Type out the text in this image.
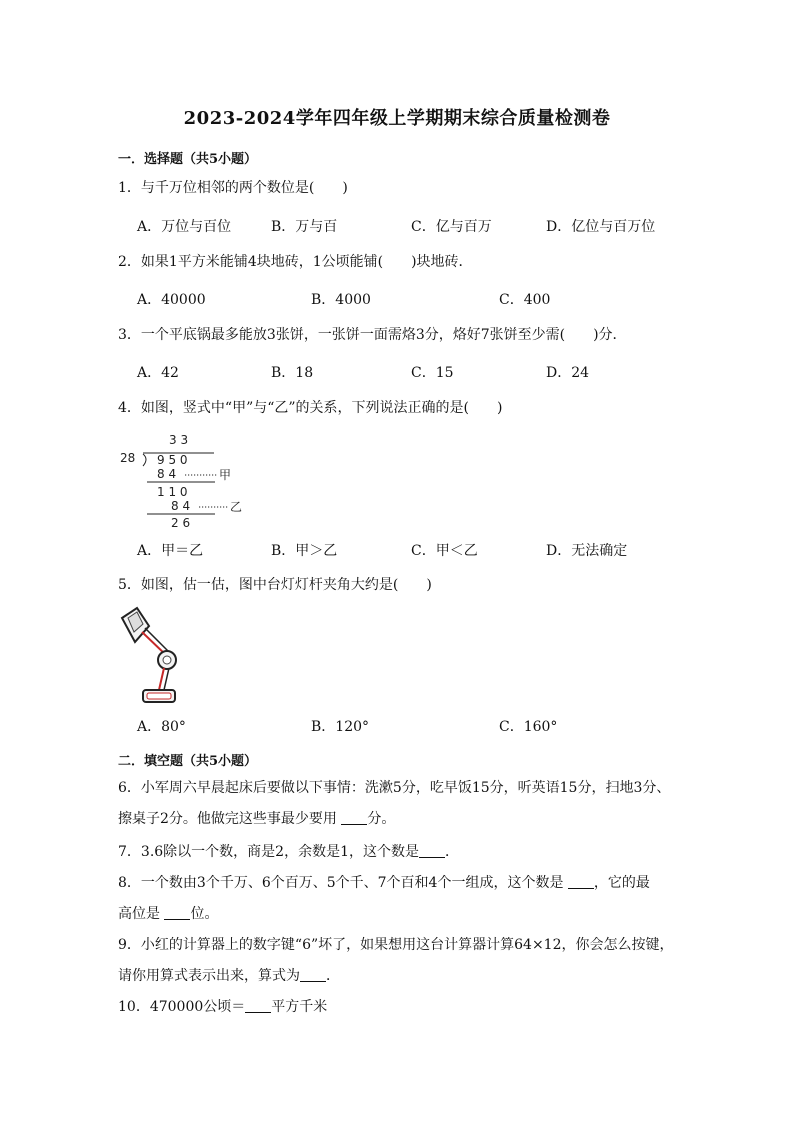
2023-2024学年四年级上学期期末综合质量检测卷
一．选择题（共5小题）
1．与千万位相邻的两个数位是(　　)
A．万位与百位	B．万与百	C．亿与百万	D．亿位与百万位
2．如果1平方米能铺4块地砖，1公顷能铺(　　)块地砖．
A．40000	B．4000	C．400
3．一个平底锅最多能放3张饼，一张饼一面需烙3分，烙好7张饼至少需(　　)分．
A．42	B．18	C．15	D．24
4．如图，竖式中“甲”与“乙”的关系，下列说法正确的是(　　)
3 3
28 9 5 0
8 4	甲
1 1 0
8 4	乙
2 6
A．甲＝乙	B．甲＞乙	C．甲＜乙	D．无法确定
5．如图，估一估，图中台灯灯杆夹角大约是(　　)
A．80°	B．120°	C．160°
二．填空题（共5小题）
6．小军周六早晨起床后要做以下事情：洗漱5分，吃早饭15分，听英语15分，扫地3分、
擦桌子2分。他做完这些事最少要用 分。
7．3.6除以一个数，商是2，余数是1，这个数是 ．
8．一个数由3个千万、6个百万、5个千、7个百和4个一组成，这个数是 ，它的最
高位是 位。
9．小红的计算器上的数字键“6”坏了，如果想用这台计算器计算64×12，你会怎么按键，
请你用算式表示出来，算式为 ．
10．470000公顷＝ 平方千米
